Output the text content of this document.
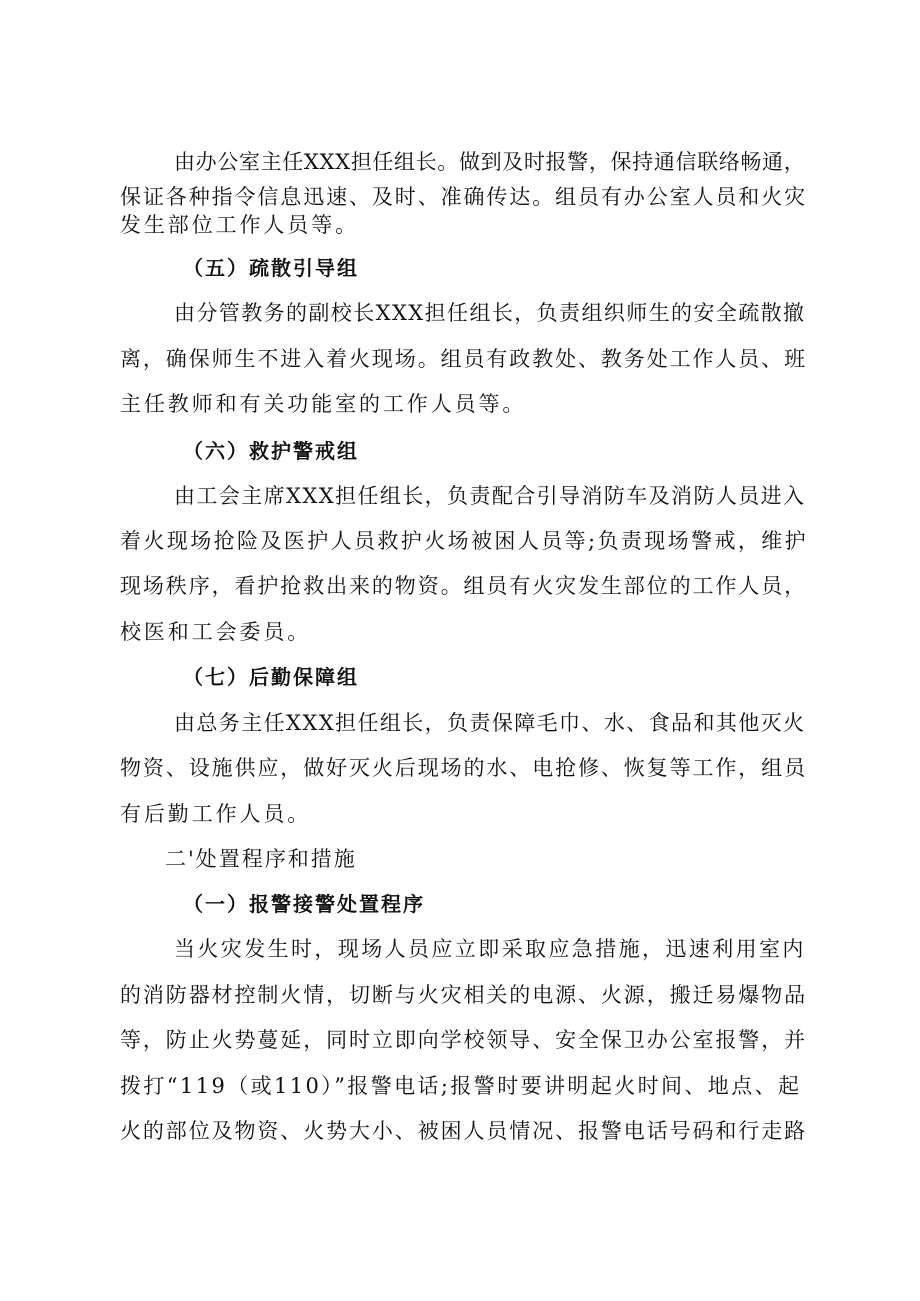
由办公室主任XXX担任组长。做到及时报警，保持通信联络畅通，
保证各种指令信息迅速、及时、准确传达。组员有办公室人员和火灾
发生部位工作人员等。
（五）疏散引导组
由分管教务的副校长XXX担任组长，负责组织师生的安全疏散撤
离，确保师生不进入着火现场。组员有政教处、教务处工作人员、班
主任教师和有关功能室的工作人员等。
（六）救护警戒组
由工会主席XXX担任组长，负责配合引导消防车及消防人员进入
着火现场抢险及医护人员救护火场被困人员等;负责现场警戒，维护
现场秩序，看护抢救出来的物资。组员有火灾发生部位的工作人员，
校医和工会委员。
（七）后勤保障组
由总务主任XXX担任组长，负责保障毛巾、水、食品和其他灭火
物资、设施供应，做好灭火后现场的水、电抢修、恢复等工作，组员
有后勤工作人员。
二'处置程序和措施
（一）报警接警处置程序
当火灾发生时，现场人员应立即采取应急措施，迅速利用室内
的消防器材控制火情，切断与火灾相关的电源、火源，搬迁易爆物品
等，防止火势蔓延，同时立即向学校领导、安全保卫办公室报警，并
拨打“119（或110）”报警电话;报警时要讲明起火时间、地点、起
火的部位及物资、火势大小、被困人员情况、报警电话号码和行走路
